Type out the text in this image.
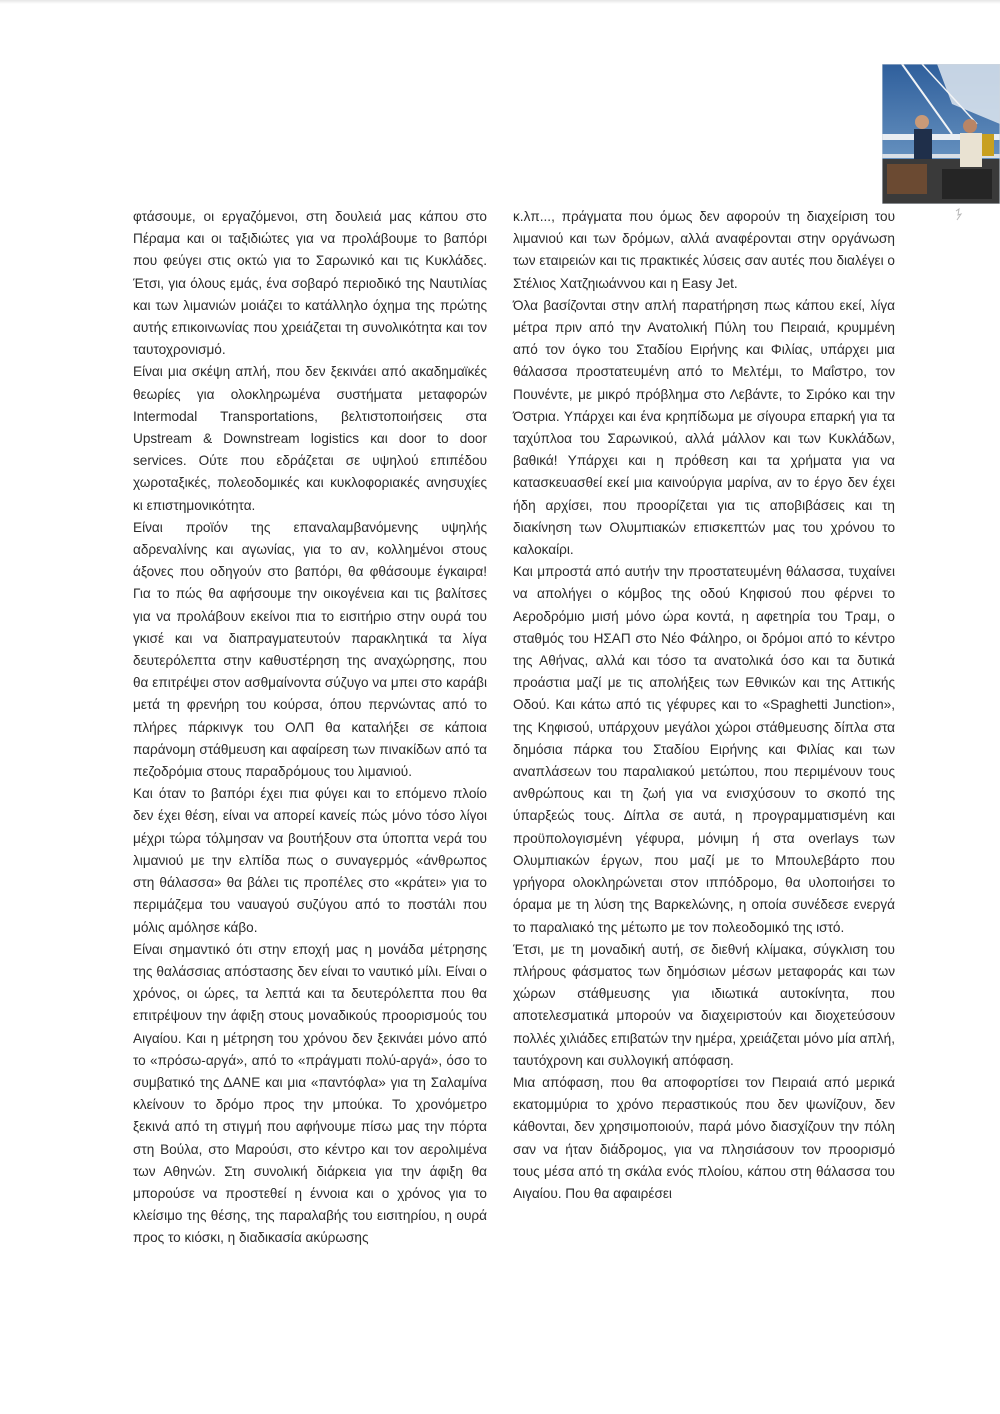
φτάσουμε, οι εργαζόμενοι, στη δουλειά μας κάπου στο Πέραμα και οι ταξιδιώτες για να προλάβουμε το βαπόρι που φεύγει στις οκτώ για το Σαρωνικό και τις Κυκλάδες. Έτσι, για όλους εμάς, ένα σοβαρό περιοδικό της Ναυτιλίας και των λιμανιών μοιάζει το κατάλληλο όχημα της πρώτης αυτής επικοινωνίας που χρειάζεται τη συνολικότητα και τον ταυτοχρονισμό.

Είναι μια σκέψη απλή, που δεν ξεκινάει από ακαδημαϊκές θεωρίες για ολοκληρωμένα συστήματα μεταφορών Intermodal Transportations, βελτιστοποιήσεις στα Upstream & Downstream logistics και door to door services. Ούτε που εδράζεται σε υψηλού επιπέδου χωροταξικές, πολεοδομικές και κυκλοφοριακές ανησυχίες κι επιστημονικότητα.

Είναι προϊόν της επαναλαμβανόμενης υψηλής αδρεναλίνης και αγωνίας, για το αν, κολλημένοι στους άξονες που οδηγούν στο βαπόρι, θα φθάσουμε έγκαιρα! Για το πώς θα αφήσουμε την οικογένεια και τις βαλίτσες για να προλάβουν εκείνοι πια το εισιτήριο στην ουρά του γκισέ και να διαπραγματευτούν παρακλητικά τα λίγα δευτερόλεπτα στην καθυστέρηση της αναχώρησης, που θα επιτρέψει στον ασθμαίνοντα σύζυγο να μπει στο καράβι μετά τη φρενήρη του κούρσα, όπου περνώντας από το πλήρες πάρκινγκ του ΟΛΠ θα καταλήξει σε κάποια παράνομη στάθμευση και αφαίρεση των πινακίδων από τα πεζοδρόμια στους παραδρόμους του λιμανιού.

Και όταν το βαπόρι έχει πια φύγει και το επόμενο πλοίο δεν έχει θέση, είναι να απορεί κανείς πώς μόνο τόσο λίγοι μέχρι τώρα τόλμησαν να βουτήξουν στα ύποπτα νερά του λιμανιού με την ελπίδα πως ο συναγερμός «άνθρωπος στη θάλασσα» θα βάλει τις προπέλες στο «κράτει» για το περιμάζεμα του ναυαγού συζύγου από το ποστάλι που μόλις αμόλησε κάβο.

Είναι σημαντικό ότι στην εποχή μας η μονάδα μέτρησης της θαλάσσιας απόστασης δεν είναι το ναυτικό μίλι. Είναι ο χρόνος, οι ώρες, τα λεπτά και τα δευτερόλεπτα που θα επιτρέψουν την άφιξη στους μοναδικούς προορισμούς του Αιγαίου. Και η μέτρηση του χρόνου δεν ξεκινάει μόνο από το «πρόσω-αργά», από το «πράγματι πολύ-αργά», όσο το συμβατικό της ΔΑΝΕ και μια «παντόφλα» για τη Σαλαμίνα κλείνουν το δρόμο προς την μπούκα. Το χρονόμετρο ξεκινά από τη στιγμή που αφήνουμε πίσω μας την πόρτα στη Βούλα, στο Μαρούσι, στο κέντρο και τον αερολιμένα των Αθηνών. Στη συνολική διάρκεια για την άφιξη θα μπορούσε να προστεθεί η έννοια και ο χρόνος για το κλείσιμο της θέσης, της παραλαβής του εισιτηρίου, η ουρά προς το κιόσκι, η διαδικασία ακύρωσης

κ.λπ..., πράγματα που όμως δεν αφορούν τη διαχείριση του λιμανιού και των δρόμων, αλλά αναφέρονται στην οργάνωση των εταιρειών και τις πρακτικές λύσεις σαν αυτές που διαλέγει ο Στέλιος Χατζηιωάννου και η Easy Jet.

Όλα βασίζονται στην απλή παρατήρηση πως κάπου εκεί, λίγα μέτρα πριν από την Ανατολική Πύλη του Πειραιά, κρυμμένη από τον όγκο του Σταδίου Ειρήνης και Φιλίας, υπάρχει μια θάλασσα προστατευμένη από το Μελτέμι, το Μαΐστρο, τον Πουνέντε, με μικρό πρόβλημα στο Λεβάντε, το Σιρόκο και την Όστρια. Υπάρχει και ένα κρηπίδωμα με σίγουρα επαρκή για τα ταχύπλοα του Σαρωνικού, αλλά μάλλον και των Κυκλάδων, βαθικά! Υπάρχει και η πρόθεση και τα χρήματα για να κατασκευασθεί εκεί μια καινούργια μαρίνα, αν το έργο δεν έχει ήδη αρχίσει, που προορίζεται για τις αποβιβάσεις και τη διακίνηση των Ολυμπιακών επισκεπτών μας του χρόνου το καλοκαίρι.

Και μπροστά από αυτήν την προστατευμένη θάλασσα, τυχαίνει να απολήγει ο κόμβος της οδού Κηφισού που φέρνει το Αεροδρόμιο μισή μόνο ώρα κοντά, η αφετηρία του Τραμ, ο σταθμός του ΗΣΑΠ στο Νέο Φάληρο, οι δρόμοι από το κέντρο της Αθήνας, αλλά και τόσο τα ανατολικά όσο και τα δυτικά προάστια μαζί με τις απολήξεις των Εθνικών και της Αττικής Οδού. Και κάτω από τις γέφυρες και το «Spaghetti Junction», της Κηφισού, υπάρχουν μεγάλοι χώροι στάθμευσης δίπλα στα δημόσια πάρκα του Σταδίου Ειρήνης και Φιλίας και των αναπλάσεων του παραλιακού μετώπου, που περιμένουν τους ανθρώπους και τη ζωή για να ενισχύσουν το σκοπό της ύπαρξεώς τους. Δίπλα σε αυτά, η προγραμματισμένη και προϋπολογισμένη γέφυρα, μόνιμη ή στα overlays των Ολυμπιακών έργων, που μαζί με το Μπουλεβάρτο που γρήγορα ολοκληρώνεται στον ιππόδρομο, θα υλοποιήσει το όραμα με τη λύση της Βαρκελώνης, η οποία συνέδεσε ενεργά το παραλιακό της μέτωπο με τον πολεοδομικό της ιστό.

Έτσι, με τη μοναδική αυτή, σε διεθνή κλίμακα, σύγκλιση του πλήρους φάσματος των δημόσιων μέσων μεταφοράς και των χώρων στάθμευσης για ιδιωτικά αυτοκίνητα, που αποτελεσματικά μπορούν να διαχειριστούν και διοχετεύσουν πολλές χιλιάδες επιβατών την ημέρα, χρειάζεται μόνο μία απλή, ταυτόχρονη και συλλογική απόφαση.

Μια απόφαση, που θα αποφορτίσει τον Πειραιά από μερικά εκατομμύρια το χρόνο περαστικούς που δεν ψωνίζουν, δεν κάθονται, δεν χρησιμοποιούν, παρά μόνο διασχίζουν την πόλη σαν να ήταν διάδρομος, για να πλησιάσουν τον προορισμό τους μέσα από τη σκάλα ενός πλοίου, κάπου στη θάλασσα του Αιγαίου. Που θα αφαιρέσει
